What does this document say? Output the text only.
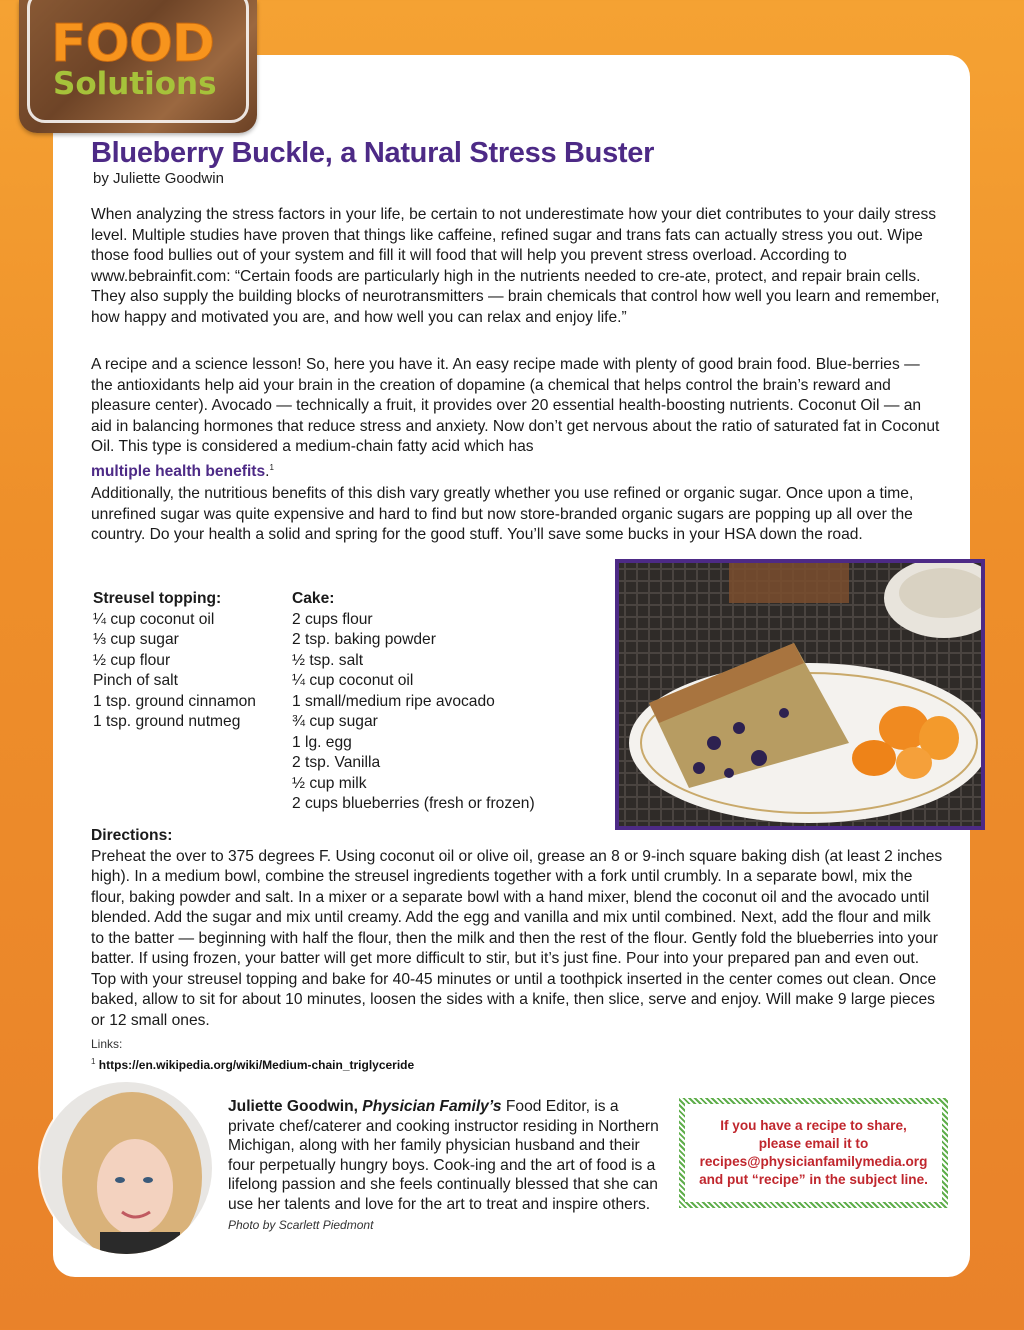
FOOD
Solutions
Blueberry Buckle, a Natural Stress Buster
by Juliette Goodwin

When analyzing the stress factors in your life, be certain to not underestimate how your diet contributes to your daily stress level. Multiple studies have proven that things like caffeine, refined sugar and trans fats can actually stress you out. Wipe those food bullies out of your system and fill it will food that will help you prevent stress overload. According to www.bebrainfit.com: “Certain foods are particularly high in the nutrients needed to cre-ate, protect, and repair brain cells. They also supply the building blocks of neurotransmitters — brain chemicals that control how well you learn and remember, how happy and motivated you are, and how well you can relax and enjoy life.”

A recipe and a science lesson! So, here you have it. An easy recipe made with plenty of good brain food. Blue-berries — the antioxidants help aid your brain in the creation of dopamine (a chemical that helps control the brain’s reward and pleasure center). Avocado — technically a fruit, it provides over 20 essential health-boosting nutrients. Coconut Oil — an aid in balancing hormones that reduce stress and anxiety. Now don’t get nervous about the ratio of saturated fat in Coconut Oil. This type is considered a medium-chain fatty acid which has
multiple health benefits.$^1$

Additionally, the nutritious benefits of this dish vary greatly whether you use refined or organic sugar. Once upon a time, unrefined sugar was quite expensive and hard to find but now store-branded organic sugars are popping up all over the country. Do your health a solid and spring for the good stuff. You’ll save some bucks in your HSA down the road.

Streusel topping:
¼ cup coconut oil
⅓ cup sugar
½ cup flour
Pinch of salt
1 tsp. ground cinnamon
1 tsp. ground nutmeg
Cake:
2 cups flour
2 tsp. baking powder
½ tsp. salt
¼ cup coconut oil
1 small/medium ripe avocado
¾ cup sugar
1 lg. egg
2 tsp. Vanilla
½ cup milk
2 cups blueberries (fresh or frozen)
Directions:
Preheat the over to 375 degrees F. Using coconut oil or olive oil, grease an 8 or 9-inch square baking dish (at least 2 inches high). In a medium bowl, combine the streusel ingredients together with a fork until crumbly. In a separate bowl, mix the flour, baking powder and salt. In a mixer or a separate bowl with a hand mixer, blend the coconut oil and the avocado until blended. Add the sugar and mix until creamy. Add the egg and vanilla and mix until combined. Next, add the flour and milk to the batter — beginning with half the flour, then the milk and then the rest of the flour. Gently fold the blueberries into your batter. If using frozen, your batter will get more difficult to stir, but it’s just fine. Pour into your prepared pan and even out. Top with your streusel topping and bake for 40-45 minutes or until a toothpick inserted in the center comes out clean. Once baked, allow to sit for about 10 minutes, loosen the sides with a knife, then slice, serve and enjoy. Will make 9 large pieces or 12 small ones.
Links:
$^1$ https://en.wikipedia.org/wiki/Medium-chain_triglyceride
Juliette Goodwin, Physician Family’s Food Editor, is a private chef/caterer and cooking instructor residing in Northern Michigan, along with her family physician husband and their four perpetually hungry boys. Cook-ing and the art of food is a lifelong passion and she feels continually blessed that she can use her talents and love for the art to treat and inspire others.
Photo by Scarlett Piedmont
If you have a recipe to share,
please email it to
recipes@physicianfamilymedia.org
and put “recipe” in the subject line.
